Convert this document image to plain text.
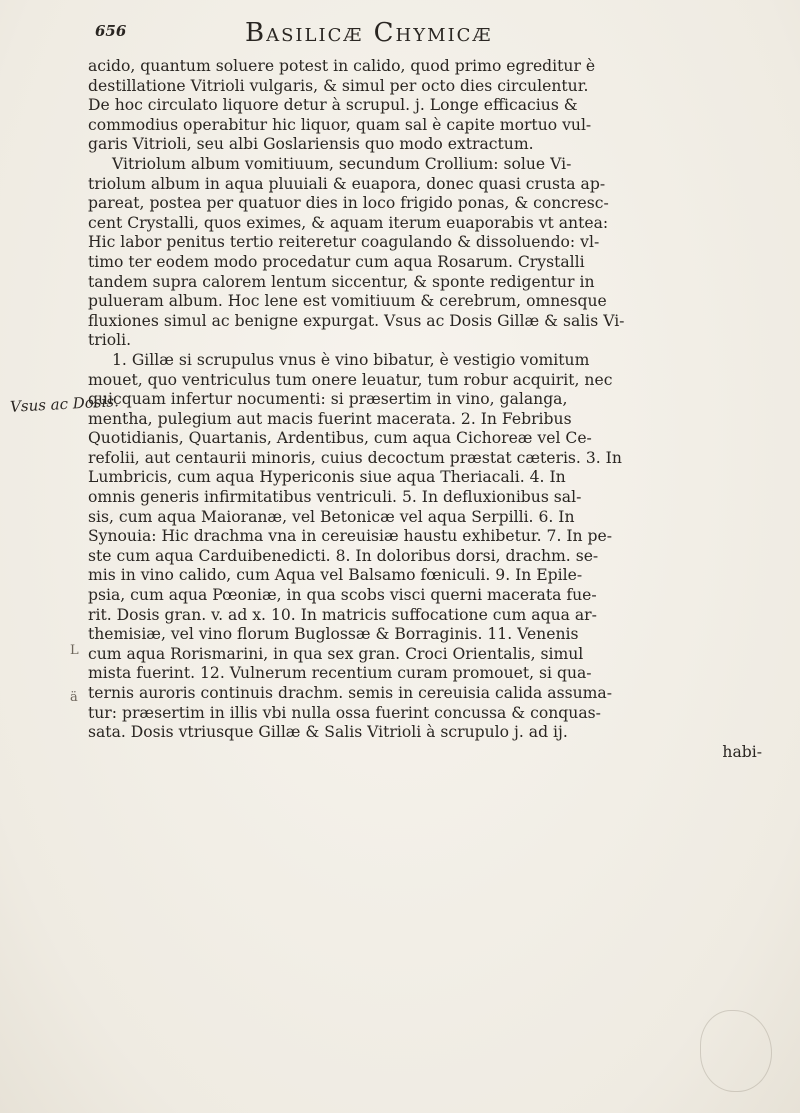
656	Basilicæ Chymicæ
Vsus ac Dosis.
L
ä
acido, quantum soluere potest in calido, quod primo egreditur è
destillatione Vitrioli vulgaris, & simul per octo dies circulentur.
De hoc circulato liquore detur à scrupul. j. Longe efficacius &
commodius operabitur hic liquor, quam sal è capite mortuo vul-
garis Vitrioli, seu albi Goslariensis quo modo extractum.
Vitriolum album vomitiuum, secundum Crollium: solue Vi-
triolum album in aqua pluuiali & euapora, donec quasi crusta ap-
pareat, postea per quatuor dies in loco frigido ponas, & concresc-
cent Crystalli, quos eximes, & aquam iterum euaporabis vt antea:
Hic labor penitus tertio reiteretur coagulando & dissoluendo: vl-
timo ter eodem modo procedatur cum aqua Rosarum. Crystalli
tandem supra calorem lentum siccentur, & sponte redigentur in
pulueram album. Hoc lene est vomitiuum & cerebrum, omnesque
fluxiones simul ac benigne expurgat. Vsus ac Dosis Gillæ & salis Vi-
trioli.
1. Gillæ si scrupulus vnus è vino bibatur, è vestigio vomitum
mouet, quo ventriculus tum onere leuatur, tum robur acquirit, nec
quicquam infertur nocumenti: si præsertim in vino, galanga,
mentha, pulegium aut macis fuerint macerata. 2. In Febribus
Quotidianis, Quartanis, Ardentibus, cum aqua Cichoreæ vel Ce-
refolii, aut centaurii minoris, cuius decoctum præstat cæteris. 3. In
Lumbricis, cum aqua Hypericonis siue aqua Theriacali. 4. In
omnis generis infirmitatibus ventriculi. 5. In defluxionibus sal-
sis, cum aqua Maioranæ, vel Betonicæ vel aqua Serpilli. 6. In
Synouia: Hic drachma vna in cereuisiæ haustu exhibetur. 7. In pe-
ste cum aqua Carduibenedicti. 8. In doloribus dorsi, drachm. se-
mis in vino calido, cum Aqua vel Balsamo fœniculi. 9. In Epile-
psia, cum aqua Pœoniæ, in qua scobs visci querni macerata fue-
rit. Dosis gran. v. ad x. 10. In matricis suffocatione cum aqua ar-
themisiæ, vel vino florum Buglossæ & Borraginis. 11. Venenis
cum aqua Rorismarini, in qua sex gran. Croci Orientalis, simul
mista fuerint. 12. Vulnerum recentium curam promouet, si qua-
ternis auroris continuis drachm. semis in cereuisia calida assuma-
tur: præsertim in illis vbi nulla ossa fuerint concussa & conquas-
sata. Dosis vtriusque Gillæ & Salis Vitrioli à scrupulo j. ad ij.
habi-
